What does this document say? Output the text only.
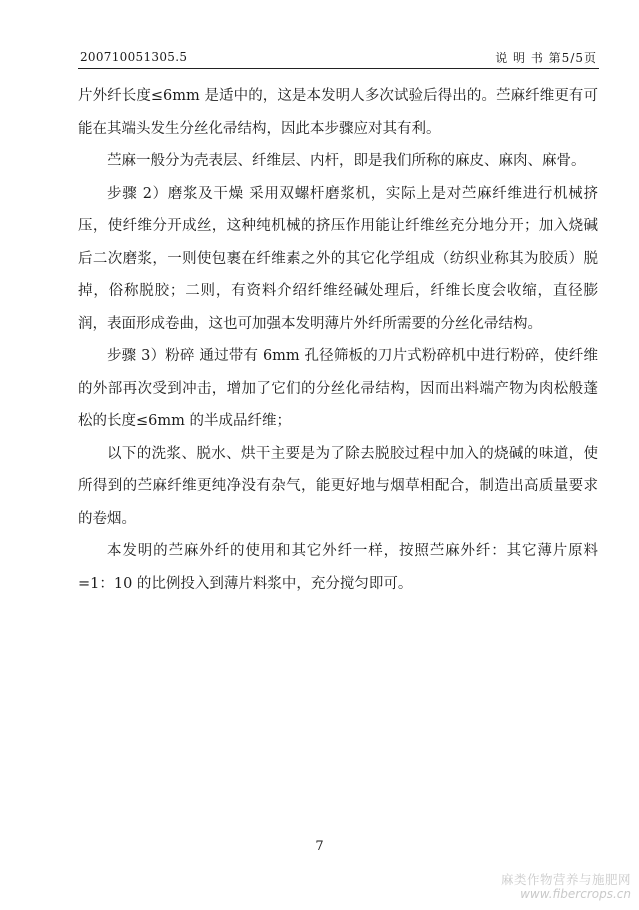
200710051305.5	说 明 书 第5/5页

片外纤长度≤6mm 是适中的，这是本发明人多次试验后得出的。苎麻纤维更有可能在其端头发生分丝化帚结构，因此本步骤应对其有利。

苎麻一般分为壳表层、纤维层、内杆，即是我们所称的麻皮、麻肉、麻骨。

步骤 2）磨浆及干燥 采用双螺杆磨浆机，实际上是对苎麻纤维进行机械挤压，使纤维分开成丝，这种纯机械的挤压作用能让纤维丝充分地分开；加入烧碱后二次磨浆，一则使包裹在纤维素之外的其它化学组成（纺织业称其为胶质）脱掉，俗称脱胶；二则，有资料介绍纤维经碱处理后，纤维长度会收缩，直径膨润，表面形成卷曲，这也可加强本发明薄片外纤所需要的分丝化帚结构。

步骤 3）粉碎 通过带有 6mm 孔径筛板的刀片式粉碎机中进行粉碎，使纤维的外部再次受到冲击，增加了它们的分丝化帚结构，因而出料端产物为肉松般蓬松的长度≤6mm 的半成品纤维；

以下的洗浆、脱水、烘干主要是为了除去脱胶过程中加入的烧碱的味道，使所得到的苎麻纤维更纯净没有杂气，能更好地与烟草相配合，制造出高质量要求的卷烟。

本发明的苎麻外纤的使用和其它外纤一样，按照苎麻外纤：其它薄片原料=1：10 的比例投入到薄片料浆中，充分搅匀即可。

7
麻类作物营养与施肥网
www.fibercrops.cn
